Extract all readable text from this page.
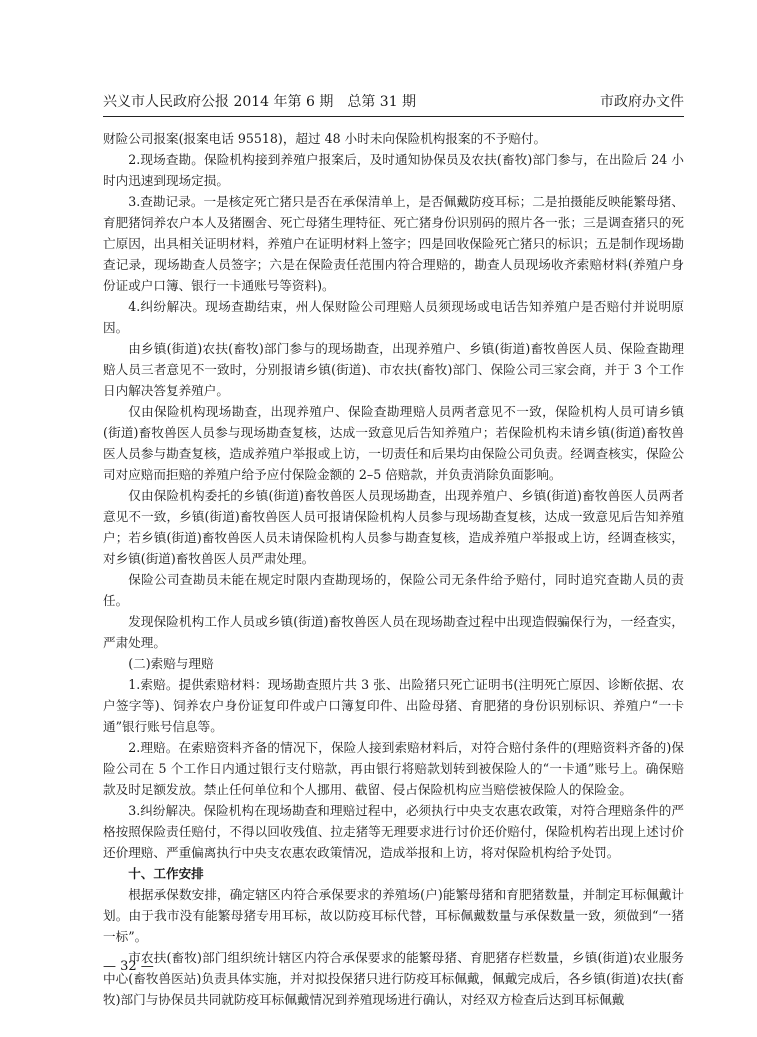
兴义市人民政府公报 2014 年第 6 期　总第 31 期	市政府办文件

财险公司报案(报案电话 95518)，超过 48 小时未向保险机构报案的不予赔付。

2.现场查勘。保险机构接到养殖户报案后，及时通知协保员及农扶(畜牧)部门参与，在出险后 24 小时内迅速到现场定损。

3.查勘记录。一是核定死亡猪只是否在承保清单上，是否佩戴防疫耳标；二是拍摄能反映能繁母猪、育肥猪饲养农户本人及猪圈舍、死亡母猪生理特征、死亡猪身份识别码的照片各一张；三是调查猪只的死亡原因，出具相关证明材料，养殖户在证明材料上签字；四是回收保险死亡猪只的标识；五是制作现场勘查记录，现场勘查人员签字；六是在保险责任范围内符合理赔的，勘查人员现场收齐索赔材料(养殖户身份证或户口簿、银行一卡通账号等资料)。

4.纠纷解决。现场查勘结束，州人保财险公司理赔人员须现场或电话告知养殖户是否赔付并说明原因。

由乡镇(街道)农扶(畜牧)部门参与的现场勘查，出现养殖户、乡镇(街道)畜牧兽医人员、保险查勘理赔人员三者意见不一致时，分别报请乡镇(街道)、市农扶(畜牧)部门、保险公司三家会商，并于 3 个工作日内解决答复养殖户。

仅由保险机构现场勘查，出现养殖户、保险查勘理赔人员两者意见不一致，保险机构人员可请乡镇(街道)畜牧兽医人员参与现场勘查复核，达成一致意见后告知养殖户；若保险机构未请乡镇(街道)畜牧兽医人员参与勘查复核，造成养殖户举报或上访，一切责任和后果均由保险公司负责。经调查核实，保险公司对应赔而拒赔的养殖户给予应付保险金额的 2–5 倍赔款，并负责消除负面影响。

仅由保险机构委托的乡镇(街道)畜牧兽医人员现场勘查，出现养殖户、乡镇(街道)畜牧兽医人员两者意见不一致，乡镇(街道)畜牧兽医人员可报请保险机构人员参与现场勘查复核，达成一致意见后告知养殖户；若乡镇(街道)畜牧兽医人员未请保险机构人员参与勘查复核，造成养殖户举报或上访，经调查核实，对乡镇(街道)畜牧兽医人员严肃处理。

保险公司查勘员未能在规定时限内查勘现场的，保险公司无条件给予赔付，同时追究查勘人员的责任。

发现保险机构工作人员或乡镇(街道)畜牧兽医人员在现场勘查过程中出现造假骗保行为，一经查实，严肃处理。

(二)索赔与理赔

1.索赔。提供索赔材料：现场勘查照片共 3 张、出险猪只死亡证明书(注明死亡原因、诊断依据、农户签字等)、饲养农户身份证复印件或户口簿复印件、出险母猪、育肥猪的身份识别标识、养殖户“一卡通”银行账号信息等。

2.理赔。在索赔资料齐备的情况下，保险人接到索赔材料后，对符合赔付条件的(理赔资料齐备的)保险公司在 5 个工作日内通过银行支付赔款，再由银行将赔款划转到被保险人的“一卡通”账号上。确保赔款及时足额发放。禁止任何单位和个人挪用、截留、侵占保险机构应当赔偿被保险人的保险金。

3.纠纷解决。保险机构在现场勘查和理赔过程中，必须执行中央支农惠农政策，对符合理赔条件的严格按照保险责任赔付，不得以回收残值、拉走猪等无理要求进行讨价还价赔付，保险机构若出现上述讨价还价理赔、严重偏离执行中央支农惠农政策情况，造成举报和上访，将对保险机构给予处罚。

十、工作安排

根据承保数安排，确定辖区内符合承保要求的养殖场(户)能繁母猪和育肥猪数量，并制定耳标佩戴计划。由于我市没有能繁母猪专用耳标，故以防疫耳标代替，耳标佩戴数量与承保数量一致，须做到“一猪一标”。

市农扶(畜牧)部门组织统计辖区内符合承保要求的能繁母猪、育肥猪存栏数量，乡镇(街道)农业服务中心(畜牧兽医站)负责具体实施，并对拟投保猪只进行防疫耳标佩戴，佩戴完成后，各乡镇(街道)农扶(畜牧)部门与协保员共同就防疫耳标佩戴情况到养殖现场进行确认，对经双方检查后达到耳标佩戴

— 32 —
